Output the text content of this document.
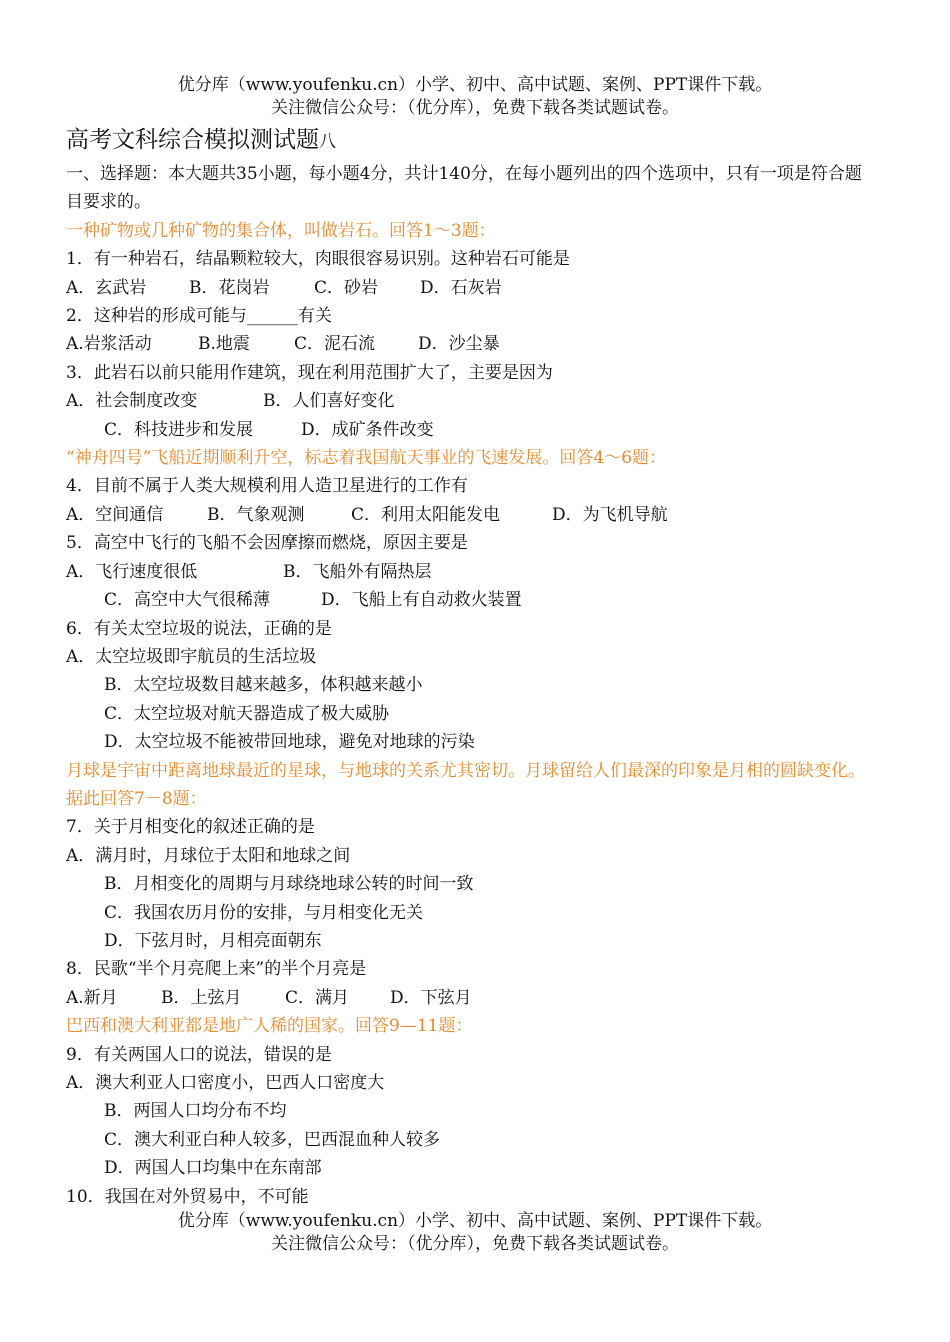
优分库（www.youfenku.cn）小学、初中、高中试题、案例、PPT课件下载。
关注微信公众号：（优分库），免费下载各类试题试卷。
高考文科综合模拟测试题八
一、选择题：本大题共35小题，每小题4分，共计140分，在每小题列出的四个选项中，只有一项是符合题目要求的。
一种矿物或几种矿物的集合体，叫做岩石。回答1～3题：
1．有一种岩石，结晶颗粒较大，肉眼很容易识别。这种岩石可能是
A．玄武岩	B．花岗岩	C．砂岩 D．石灰岩
2．这种岩的形成可能与______有关
A.岩浆活动	B.地震	C．泥石流	D．沙尘暴
3．此岩石以前只能用作建筑，现在利用范围扩大了，主要是因为
A．社会制度改变	B．人们喜好变化
C．科技进步和发展	D．成矿条件改变
“神舟四号”飞船近期顺利升空，标志着我国航天事业的飞速发展。回答4～6题：
4．目前不属于人类大规模利用人造卫星进行的工作有
A．空间通信	B．气象观测	C．利用太阳能发电	D．为飞机导航
5．高空中飞行的飞船不会因摩擦而燃烧，原因主要是
A．飞行速度很低	B．飞船外有隔热层
C．高空中大气很稀薄	D．飞船上有自动救火装置
6．有关太空垃圾的说法，正确的是
A．太空垃圾即宇航员的生活垃圾
B．太空垃圾数目越来越多，体积越来越小
C．太空垃圾对航天器造成了极大威胁
D．太空垃圾不能被带回地球，避免对地球的污染
月球是宇宙中距离地球最近的星球，与地球的关系尤其密切。月球留给人们最深的印象是月相的圆缺变化。据此回答7－8题：
7．关于月相变化的叙述正确的是
A．满月时，月球位于太阳和地球之间
B．月相变化的周期与月球绕地球公转的时间一致
C．我国农历月份的安排，与月相变化无关
D．下弦月时，月相亮面朝东
8．民歌“半个月亮爬上来”的半个月亮是
A.新月	B．上弦月	C．满月 D．下弦月
巴西和澳大利亚都是地广人稀的国家。回答9—11题：
9．有关两国人口的说法，错误的是
A．澳大利亚人口密度小，巴西人口密度大
B．两国人口均分布不均
C．澳大利亚白种人较多，巴西混血种人较多
D．两国人口均集中在东南部
10．我国在对外贸易中，不可能
优分库（www.youfenku.cn）小学、初中、高中试题、案例、PPT课件下载。
关注微信公众号：（优分库），免费下载各类试题试卷。
